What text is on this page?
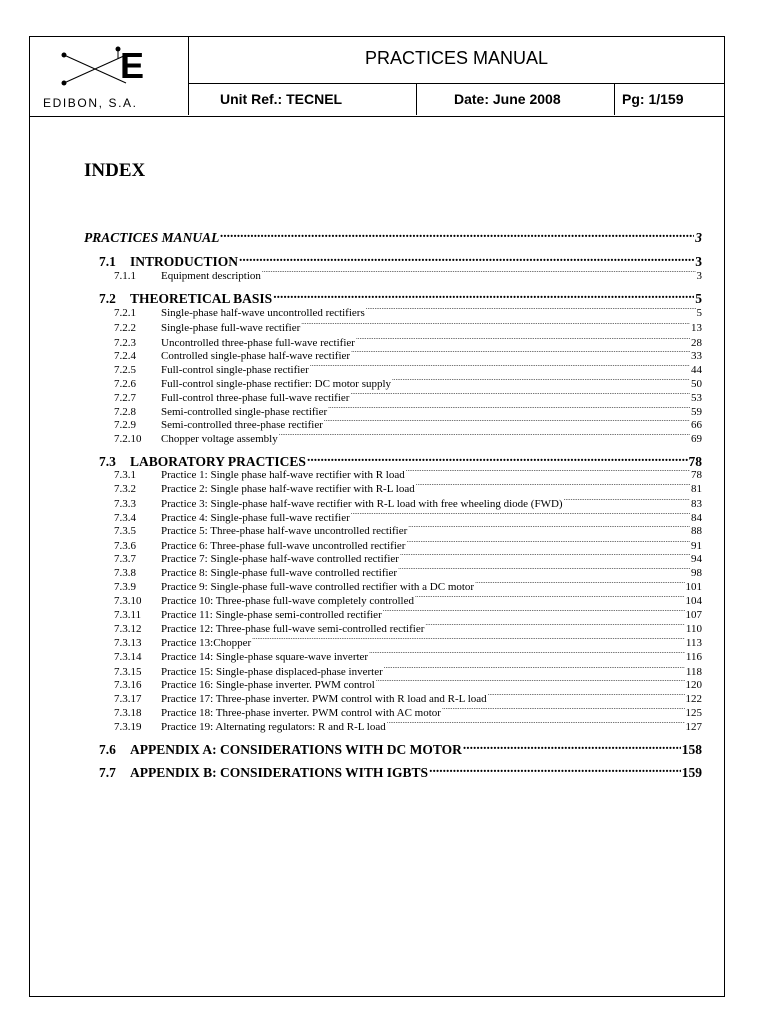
E
EDIBON, S.A.
PRACTICES MANUAL
Unit Ref.: TECNEL	Date: June 2008	Pg: 1/159
INDEX
PRACTICES MANUAL .....	3
7.1	INTRODUCTION .....	3
7.1.1	Equipment description .....	3
7.2	THEORETICAL BASIS .....	5
7.2.1	Single-phase half-wave uncontrolled rectifiers .....	5
7.2.2	Single-phase full-wave rectifier .....	13
7.2.3	Uncontrolled three-phase full-wave rectifier .....	28
7.2.4	Controlled single-phase half-wave rectifier .....	33
7.2.5	Full-control single-phase rectifier .....	44
7.2.6	Full-control single-phase rectifier: DC motor supply .....	50
7.2.7	Full-control three-phase full-wave rectifier .....	53
7.2.8	Semi-controlled single-phase rectifier .....	59
7.2.9	Semi-controlled three-phase rectifier .....	66
7.2.10	Chopper voltage assembly .....	69
7.3	LABORATORY PRACTICES .....	78
7.3.1	Practice 1: Single phase half-wave rectifier with R load .....	78
7.3.2	Practice 2: Single phase half-wave rectifier with R-L load .....	81
7.3.3	Practice 3: Single-phase half-wave rectifier with R-L load with free wheeling diode (FWD) .....	83
7.3.4	Practice 4: Single-phase full-wave rectifier .....	84
7.3.5	Practice 5: Three-phase half-wave uncontrolled rectifier .....	88
7.3.6	Practice 6: Three-phase full-wave uncontrolled rectifier .....	91
7.3.7	Practice 7: Single-phase half-wave controlled rectifier .....	94
7.3.8	Practice 8: Single-phase full-wave controlled rectifier .....	98
7.3.9	Practice 9: Single-phase full-wave controlled rectifier with a DC motor .....	101
7.3.10	Practice 10: Three-phase full-wave completely controlled .....	104
7.3.11	Practice 11: Single-phase semi-controlled rectifier .....	107
7.3.12	Practice 12: Three-phase full-wave semi-controlled rectifier .....	110
7.3.13	Practice 13:Chopper .....	113
7.3.14	Practice 14: Single-phase square-wave inverter .....	116
7.3.15	Practice 15: Single-phase displaced-phase inverter .....	118
7.3.16	Practice 16: Single-phase inverter. PWM control .....	120
7.3.17	Practice 17: Three-phase inverter. PWM control with R load and R-L load .....	122
7.3.18	Practice 18: Three-phase inverter. PWM control with AC motor .....	125
7.3.19	Practice 19: Alternating regulators: R and R-L load .....	127
7.6	APPENDIX A: CONSIDERATIONS WITH DC MOTOR .....	158
7.7	APPENDIX B: CONSIDERATIONS WITH IGBTS .....	159
